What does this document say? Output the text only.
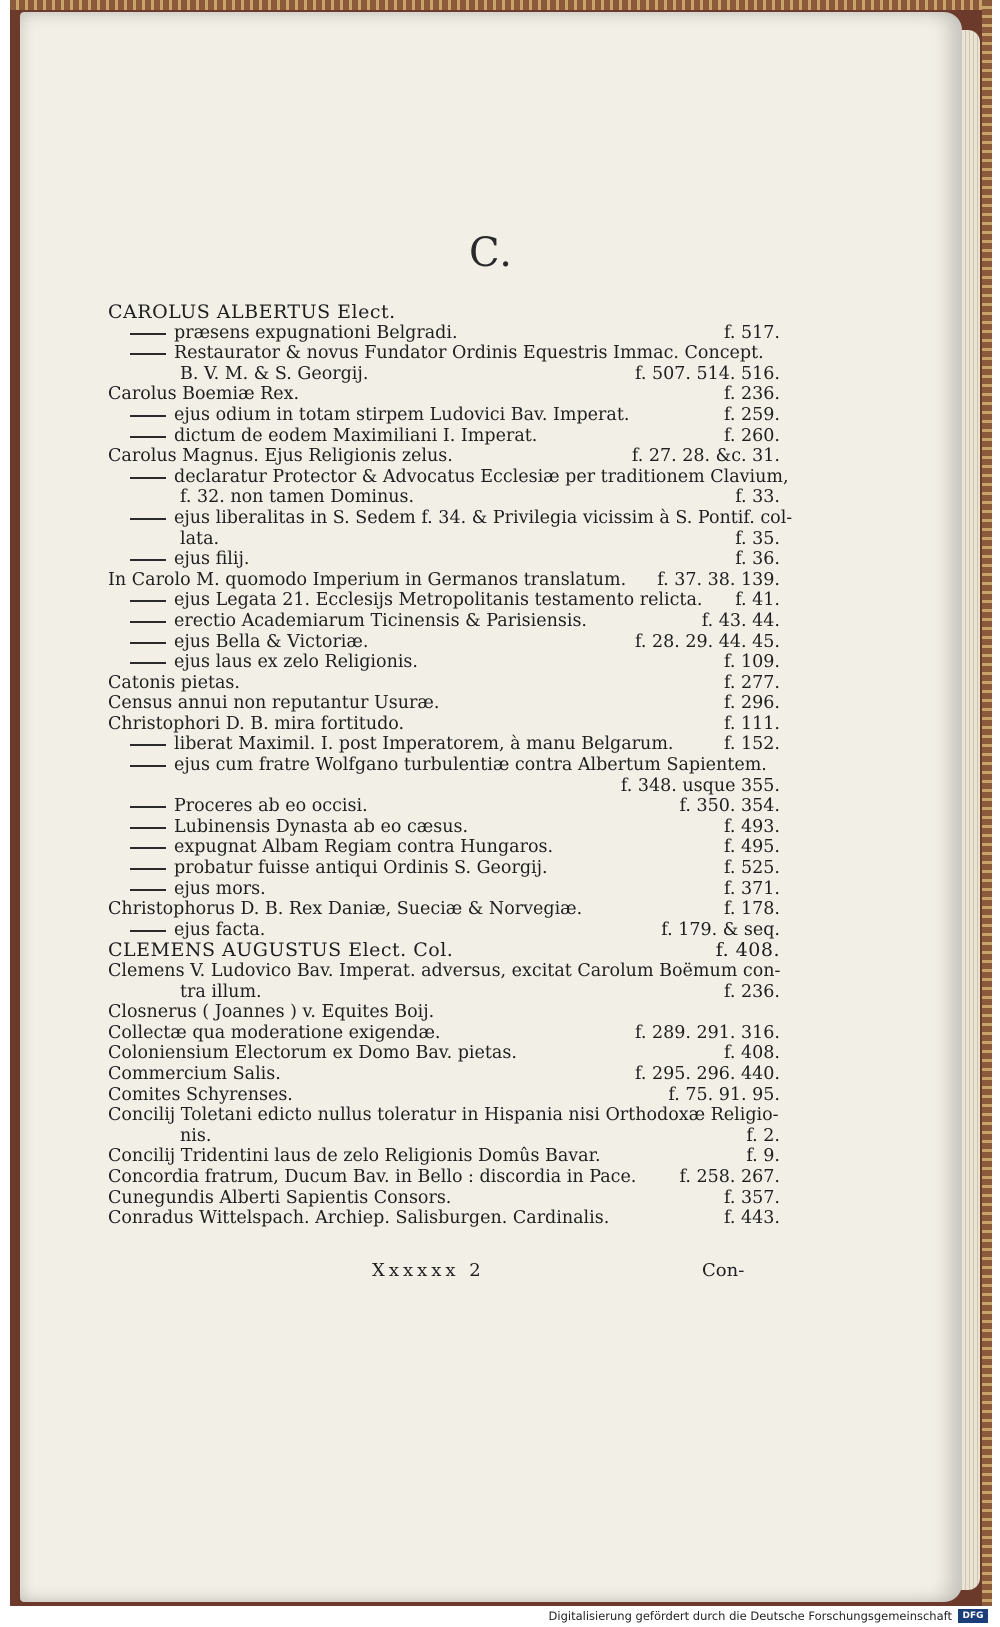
C.
CAROLUS ALBERTUS Elect.
præsens expugnationi Belgradi.	f. 517.
Restaurator & novus Fundator Ordinis Equestris Immac. Concept.
B. V. M. & S. Georgij.	f. 507. 514. 516.
Carolus Boemiæ Rex.	f. 236.
ejus odium in totam stirpem Ludovici Bav. Imperat.	f. 259.
dictum de eodem Maximiliani I. Imperat.	f. 260.
Carolus Magnus. Ejus Religionis zelus.	f. 27. 28. &c. 31.
declaratur Protector & Advocatus Ecclesiæ per traditionem Clavium,
f. 32. non tamen Dominus.	f. 33.
ejus liberalitas in S. Sedem f. 34. & Privilegia vicissim à S. Pontif. col-
lata.	f. 35.
ejus filij.	f. 36.
In Carolo M. quomodo Imperium in Germanos translatum. f. 37. 38. 139.
ejus Legata 21. Ecclesijs Metropolitanis testamento relicta. f. 41.
erectio Academiarum Ticinensis & Parisiensis.	f. 43. 44.
ejus Bella & Victoriæ.	f. 28. 29. 44. 45.
ejus laus ex zelo Religionis.	f. 109.
Catonis pietas.	f. 277.
Census annui non reputantur Usuræ.	f. 296.
Christophori D. B. mira fortitudo.	f. 111.
liberat Maximil. I. post Imperatorem, à manu Belgarum.	f. 152.
ejus cum fratre Wolfgano turbulentiæ contra Albertum Sapientem.
f. 348. usque 355.
Proceres ab eo occisi.	f. 350. 354.
Lubinensis Dynasta ab eo cæsus.	f. 493.
expugnat Albam Regiam contra Hungaros.	f. 495.
probatur fuisse antiqui Ordinis S. Georgij.	f. 525.
ejus mors.	f. 371.
Christophorus D. B. Rex Daniæ, Sueciæ & Norvegiæ.	f. 178.
ejus facta.	f. 179. & seq.
CLEMENS AUGUSTUS Elect. Col.	f. 408.
Clemens V. Ludovico Bav. Imperat. adversus, excitat Carolum Boëmum con-
tra illum.	f. 236.
Closnerus ( Joannes ) v. Equites Boij.
Collectæ qua moderatione exigendæ.	f. 289. 291. 316.
Coloniensium Electorum ex Domo Bav. pietas.	f. 408.
Commercium Salis.	f. 295. 296. 440.
Comites Schyrenses.	f. 75. 91. 95.
Concilij Toletani edicto nullus toleratur in Hispania nisi Orthodoxæ Religio-
nis.	f. 2.
Concilij Tridentini laus de zelo Religionis Domûs Bavar.	f. 9.
Concordia fratrum, Ducum Bav. in Bello : discordia in Pace. f. 258. 267.
Cunegundis Alberti Sapientis Consors.	f. 357.
Conradus Wittelspach. Archiep. Salisburgen. Cardinalis.	f. 443.
Xxxxxx 2	Con-
Digitalisierung gefördert durch die Deutsche Forschungsgemeinschaft	DFG
